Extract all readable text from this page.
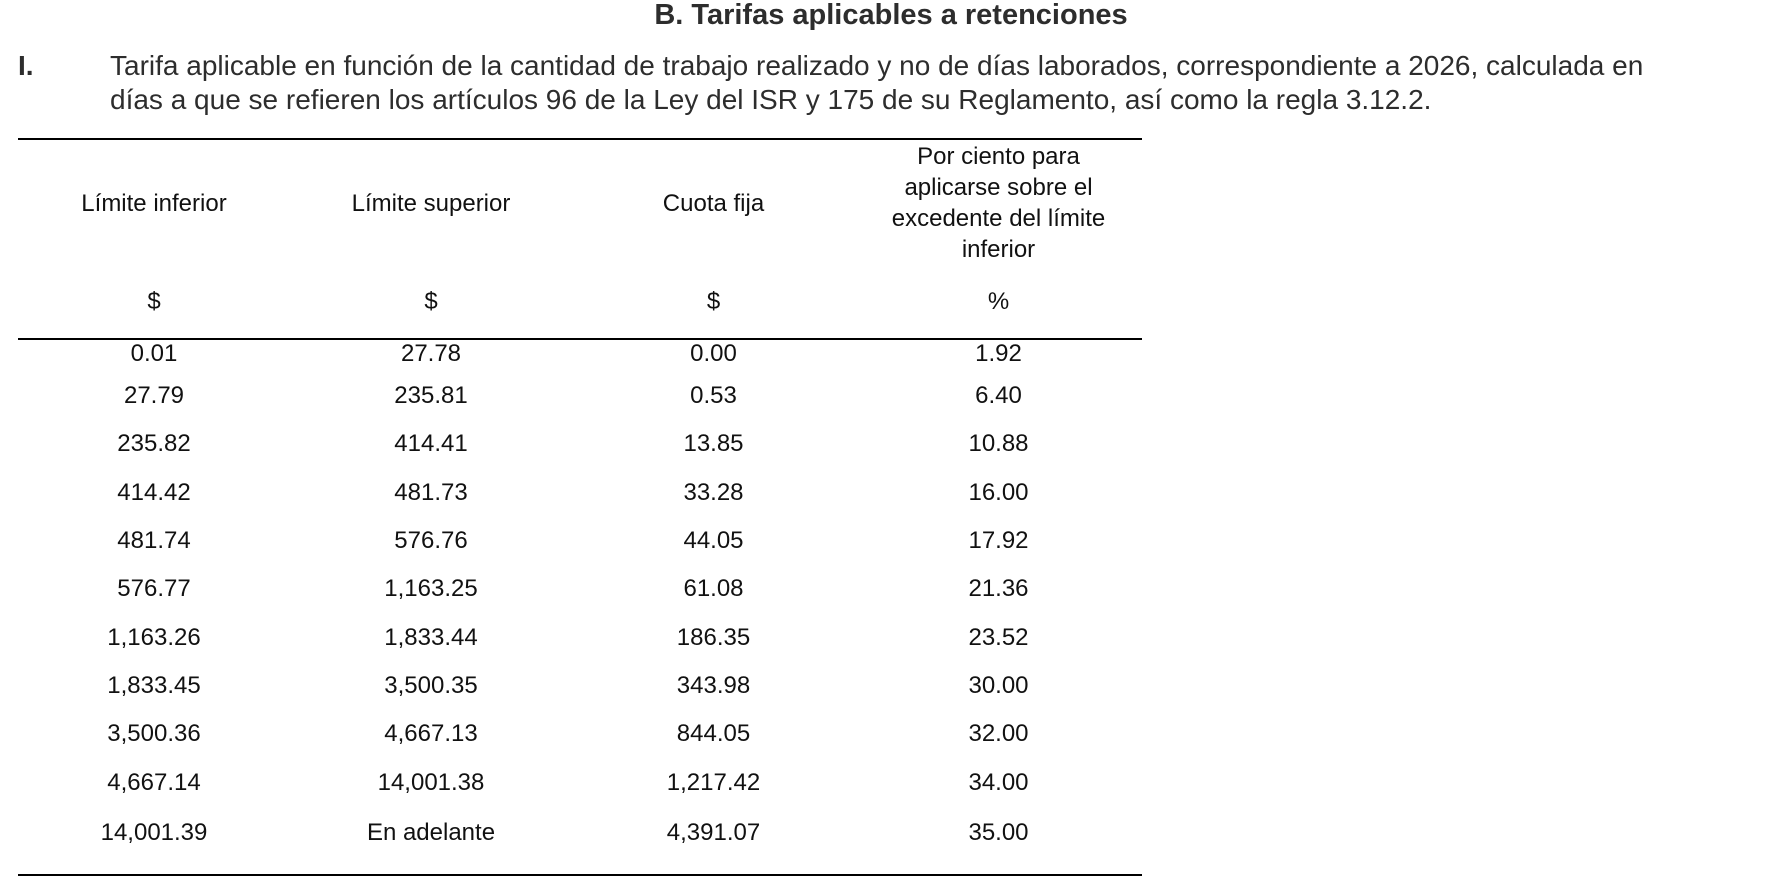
B. Tarifas aplicables a retenciones
I.	Tarifa aplicable en función de la cantidad de trabajo realizado y no de días laborados, correspondiente a 2026, calculada en
días a que se refieren los artículos 96 de la Ley del ISR y 175 de su Reglamento, así como la regla 3.12.2.
Límite inferior	Límite superior	Cuota fija	Por ciento para aplicarse sobre el excedente del límite inferior
$	$	$	%
0.01	27.78	0.00	1.92
27.79	235.81	0.53	6.40
235.82	414.41	13.85	10.88
414.42	481.73	33.28	16.00
481.74	576.76	44.05	17.92
576.77	1,163.25	61.08	21.36
1,163.26	1,833.44	186.35	23.52
1,833.45	3,500.35	343.98	30.00
3,500.36	4,667.13	844.05	32.00
4,667.14	14,001.38	1,217.42	34.00
14,001.39	En adelante	4,391.07	35.00
